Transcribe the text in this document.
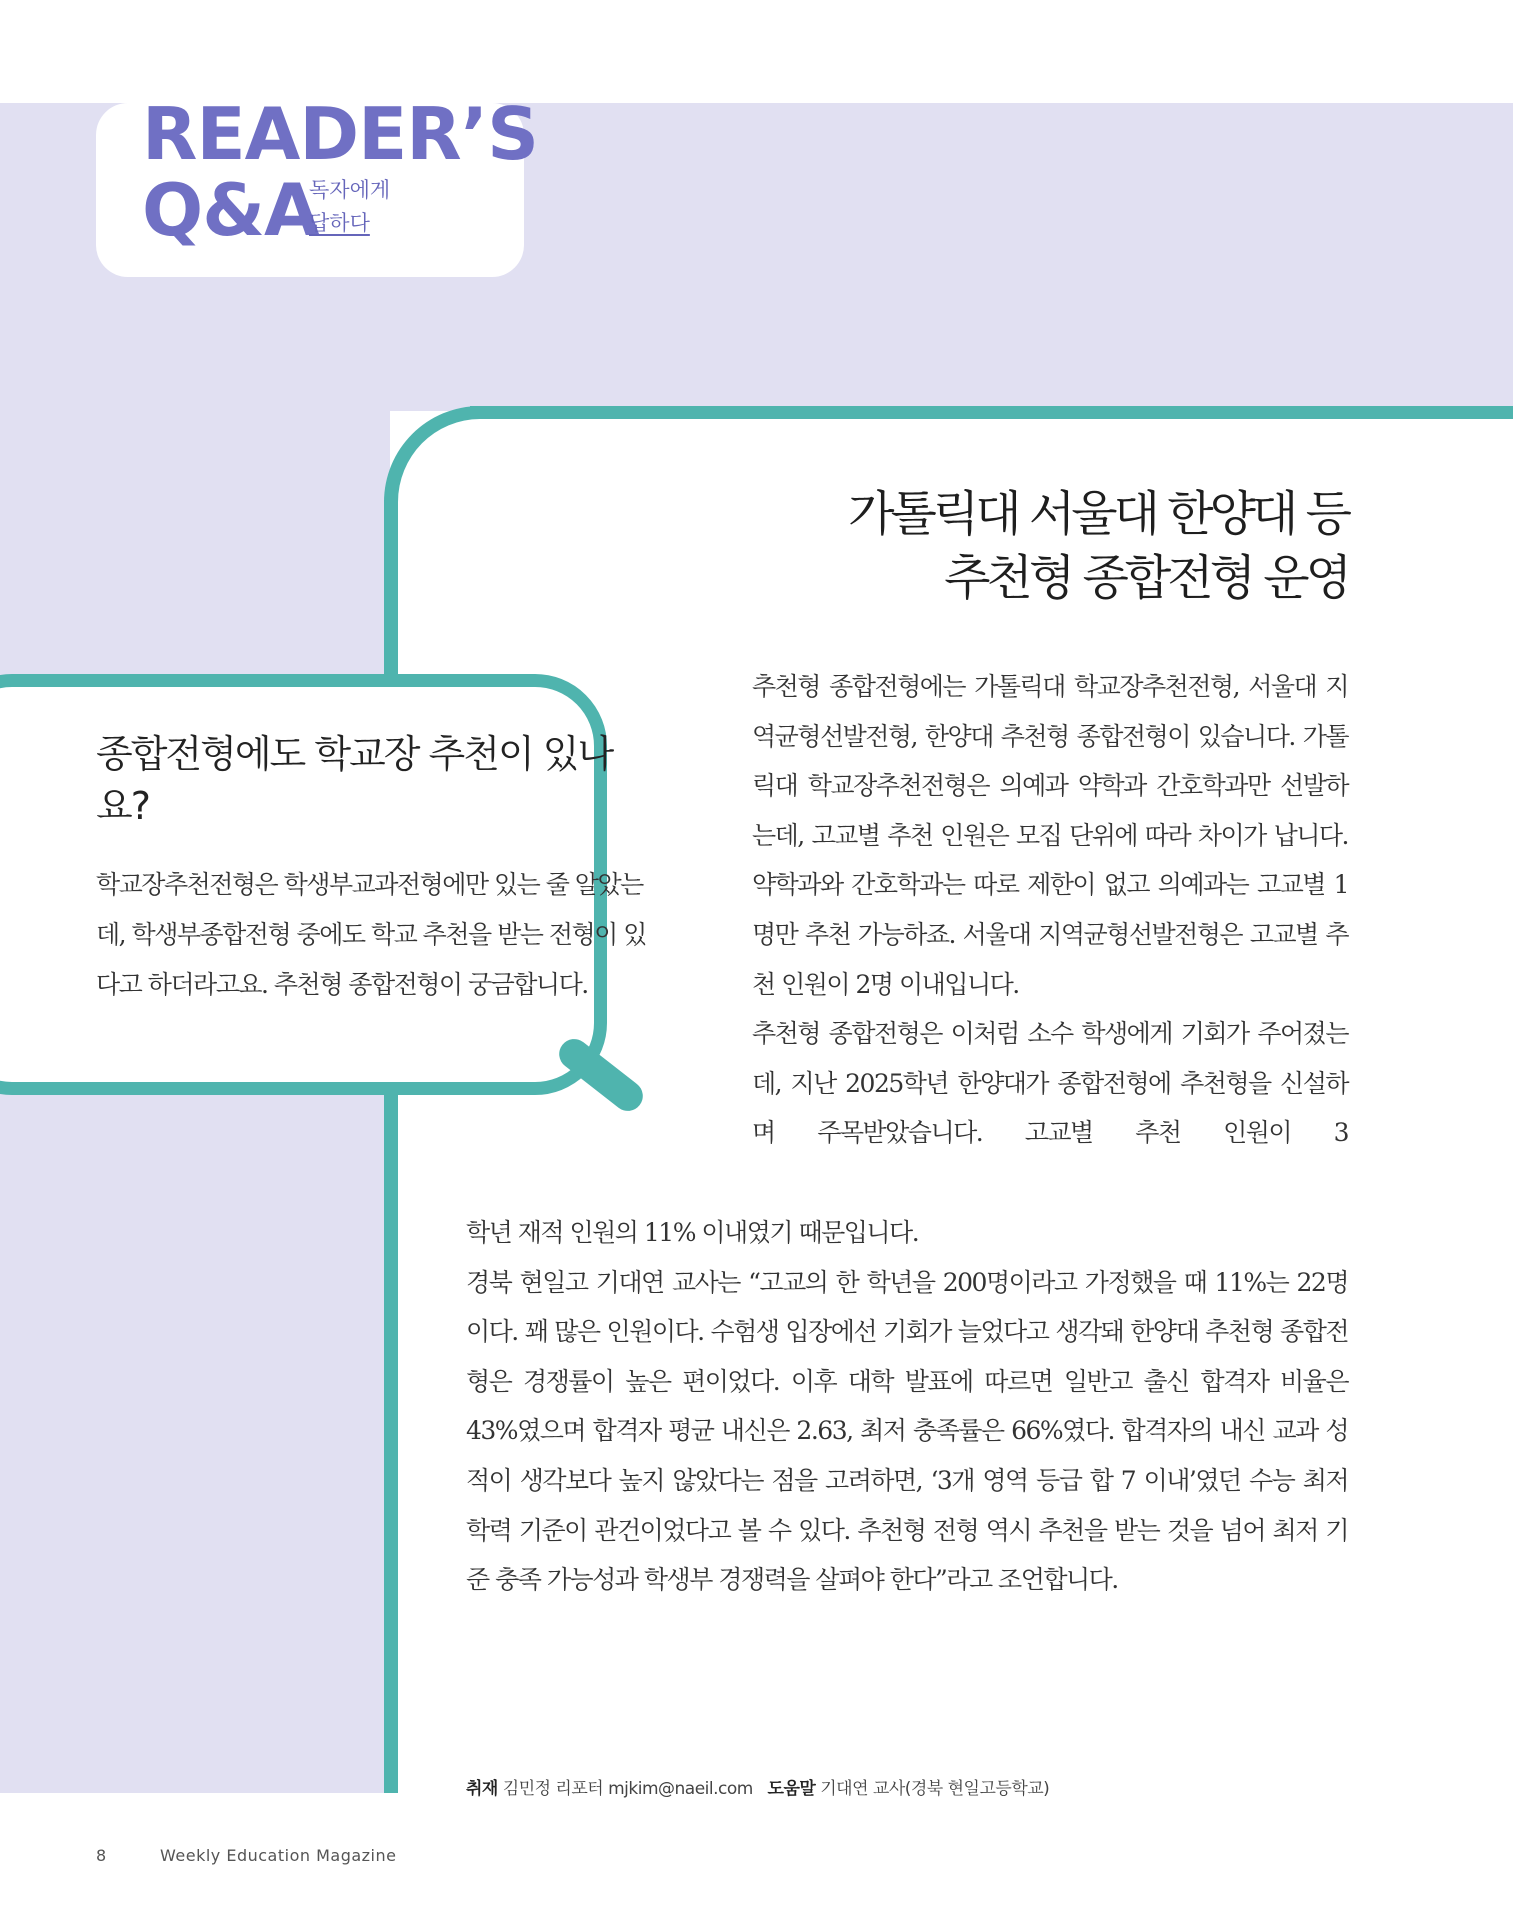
READER’S
Q&A
독자에게
답하다
종합전형에도 학교장 추천이 있나요?

학교장추천전형은 학생부교과전형에만 있는 줄 알았는데, 학생부종합전형 중에도 학교 추천을 받는 전형이 있다고 하더라고요. 추천형 종합전형이 궁금합니다.

가톨릭대 서울대 한양대 등
추천형 종합전형 운영
추천형 종합전형에는 가톨릭대 학교장추천전형, 서울대 지역균형선발전형, 한양대 추천형 종합전형이 있습니다. 가톨릭대 학교장추천전형은 의예과 약학과 간호학과만 선발하는데, 고교별 추천 인원은 모집 단위에 따라 차이가 납니다. 약학과와 간호학과는 따로 제한이 없고 의예과는 고교별 1명만 추천 가능하죠. 서울대 지역균형선발전형은 고교별 추천 인원이 2명 이내입니다.
추천형 종합전형은 이처럼 소수 학생에게 기회가 주어졌는데, 지난 2025학년 한양대가 종합전형에 추천형을 신설하며 주목받았습니다. 고교별 추천 인원이 3
학년 재적 인원의 11% 이내였기 때문입니다.
경북 현일고 기대연 교사는 “고교의 한 학년을 200명이라고 가정했을 때 11%는 22명이다. 꽤 많은 인원이다. 수험생 입장에선 기회가 늘었다고 생각돼 한양대 추천형 종합전형은 경쟁률이 높은 편이었다. 이후 대학 발표에 따르면 일반고 출신 합격자 비율은 43%였으며 합격자 평균 내신은 2.63, 최저 충족률은 66%였다. 합격자의 내신 교과 성적이 생각보다 높지 않았다는 점을 고려하면, ‘3개 영역 등급 합 7 이내’였던 수능 최저 학력 기준이 관건이었다고 볼 수 있다. 추천형 전형 역시 추천을 받는 것을 넘어 최저 기준 충족 가능성과 학생부 경쟁력을 살펴야 한다”라고 조언합니다.
취재 김민정 리포터 mjkim@naeil.com 도움말 기대연 교사(경북 현일고등학교)
8	Weekly Education Magazine
